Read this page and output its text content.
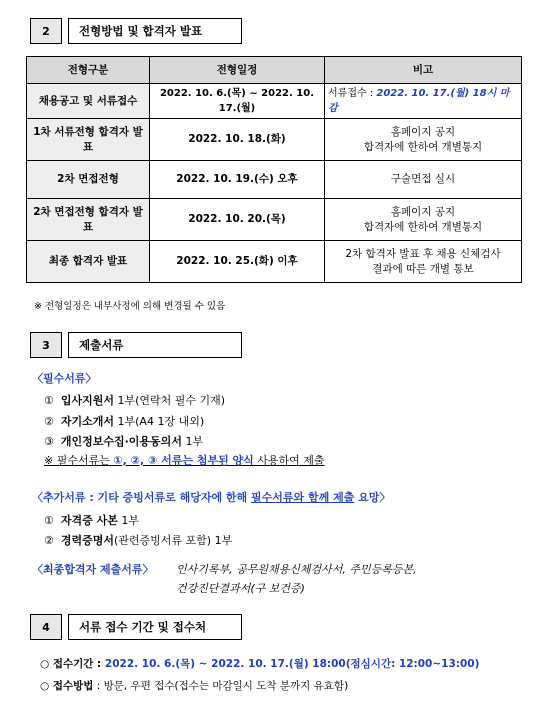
2	전형방법 및 합격자 발표
전형구분	전형일정	비고
채용공고 및 서류접수	2022. 10. 6.(목) ~ 2022. 10. 17.(월)	서류접수 : 2022. 10. 17.(월) 18시 마감
1차 서류전형 합격자 발표	2022. 10. 18.(화)	홈페이지 공지
합격자에 한하여 개별통지

2차 면접전형	2022. 10. 19.(수) 오후	구술면접 실시
2차 면접전형 합격자 발표	2022. 10. 20.(목)	홈페이지 공지
합격자에 한하여 개별통지

최종 합격자 발표	2022. 10. 25.(화) 이후	2차 합격자 발표 후 채용 신체검사
결과에 따른 개별 통보
※ 전형일정은 내부사정에 의해 변경될 수 있음
3	제출서류
〈필수서류〉
① 입사지원서 1부(연락처 필수 기재)
② 자기소개서 1부(A4 1장 내외)
③ 개인정보수집·이용동의서 1부
※ 필수서류는 ①, ②, ③ 서류는 첨부된 양식 사용하여 제출
〈추가서류 : 기타 증빙서류로 해당자에 한해 필수서류와 함께 제출 요망〉
① 자격증 사본 1부
② 경력증명서(관련증빙서류 포함) 1부
〈최종합격자 제출서류〉 인사기록부, 공무원채용신체검사서, 주민등록등본,
건강진단결과서(구 보건증)
4	서류 접수 기간 및 접수처
○ 접수기간 : 2022. 10. 6.(목) ~ 2022. 10. 17.(월) 18:00(점심시간: 12:00~13:00)
○ 접수방법 : 방문, 우편 접수(접수는 마감일시 도착 분까지 유효함)
